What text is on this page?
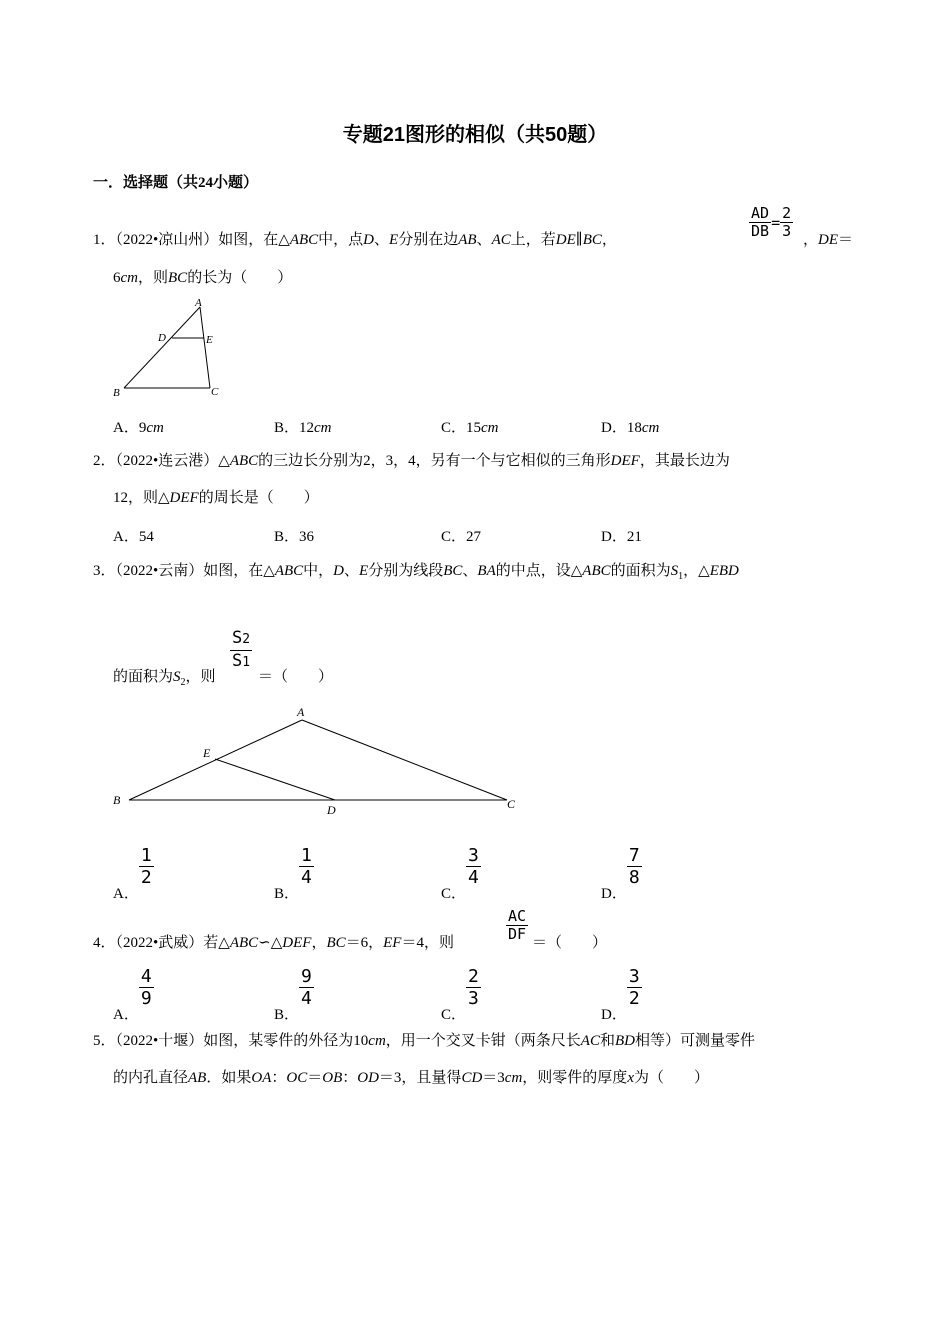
专题21图形的相似（共50题）
一．选择题（共24小题）
1．（2022•凉山州）如图，在△ABC中，点D、E分别在边AB、AC上，若DE∥BC，	$\frac{AD}{DB} = \frac{2}{3}$ ，DE＝
6cm，则BC的长为（　　）
A
D	E
B	C
A．9cm	B．12cm	C．15cm	D．18cm
2．（2022•连云港）△ABC的三边长分别为2，3，4，另有一个与它相似的三角形DEF，其最长边为
12，则△DEF的周长是（　　）
A．54	B．36	C．27	D．21
3．（2022•云南）如图，在△ABC中，D、E分别为线段BC、BA的中点，设△ABC的面积为$S_1$，△EBD
的面积为$S_2$，则
$\frac{S2}{S1}$
＝（　　）
A
E
B
D	C
A．
$\frac{1}{2}$
B．
$\frac{1}{4}$
C．
$\frac{3}{4}$
D．
$\frac{7}{8}$
4．（2022•武威）若△ABC∽△DEF，BC＝6，EF＝4，则	$\frac{AC}{DF}$ ＝（　　）
A．
$\frac{4}{9}$
B．
$\frac{9}{4}$
C．
$\frac{2}{3}$
D．
$\frac{3}{2}$
5．（2022•十堰）如图，某零件的外径为10cm，用一个交叉卡钳（两条尺长AC和BD相等）可测量零件
的内孔直径AB．如果OA：OC＝OB：OD＝3，且量得CD＝3cm，则零件的厚度x为（　　）
